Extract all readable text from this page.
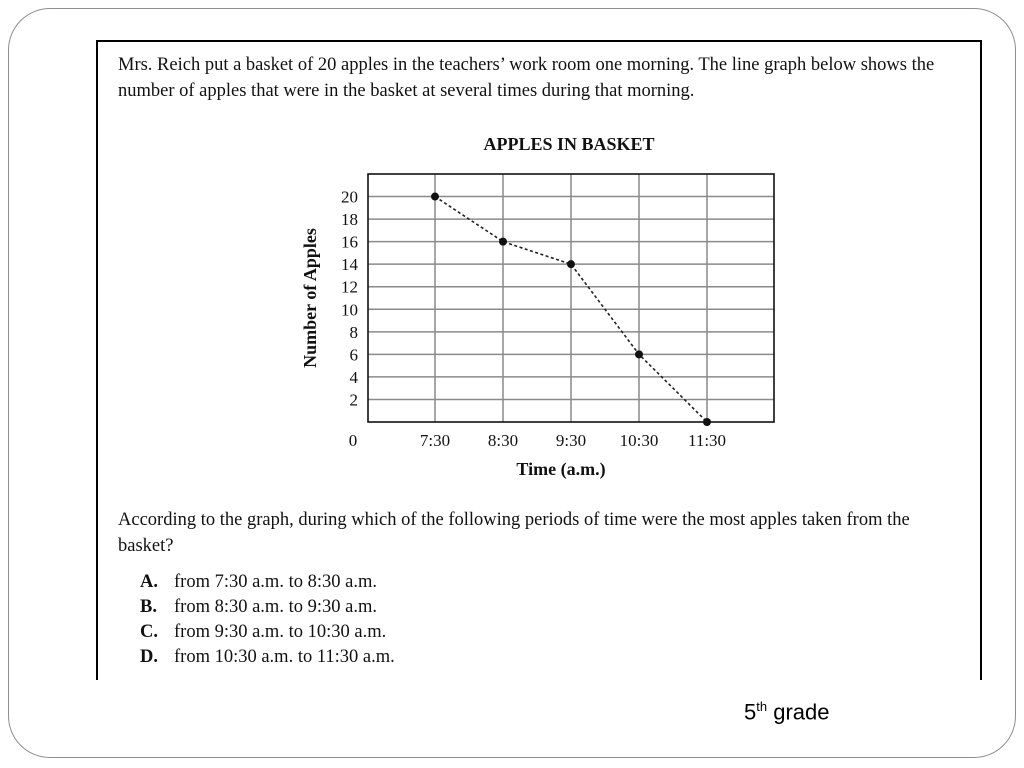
Mrs. Reich put a basket of 20 apples in the teachers’ work room one morning. The line graph below shows the number of apples that were in the basket at several times during that morning.

APPLES IN BASKET

2
4
6
8
10
12
14
16
18
20
7:30 8:30 9:30 10:30 11:30
0
Time (a.m.)
Number of Apples

According to the graph, during which of the following periods of time were the most apples taken from the basket?

A. from 7:30 a.m. to 8:30 a.m.
B. from 8:30 a.m. to 9:30 a.m.
C. from 9:30 a.m. to 10:30 a.m.
D. from 10:30 a.m. to 11:30 a.m.
5th grade
